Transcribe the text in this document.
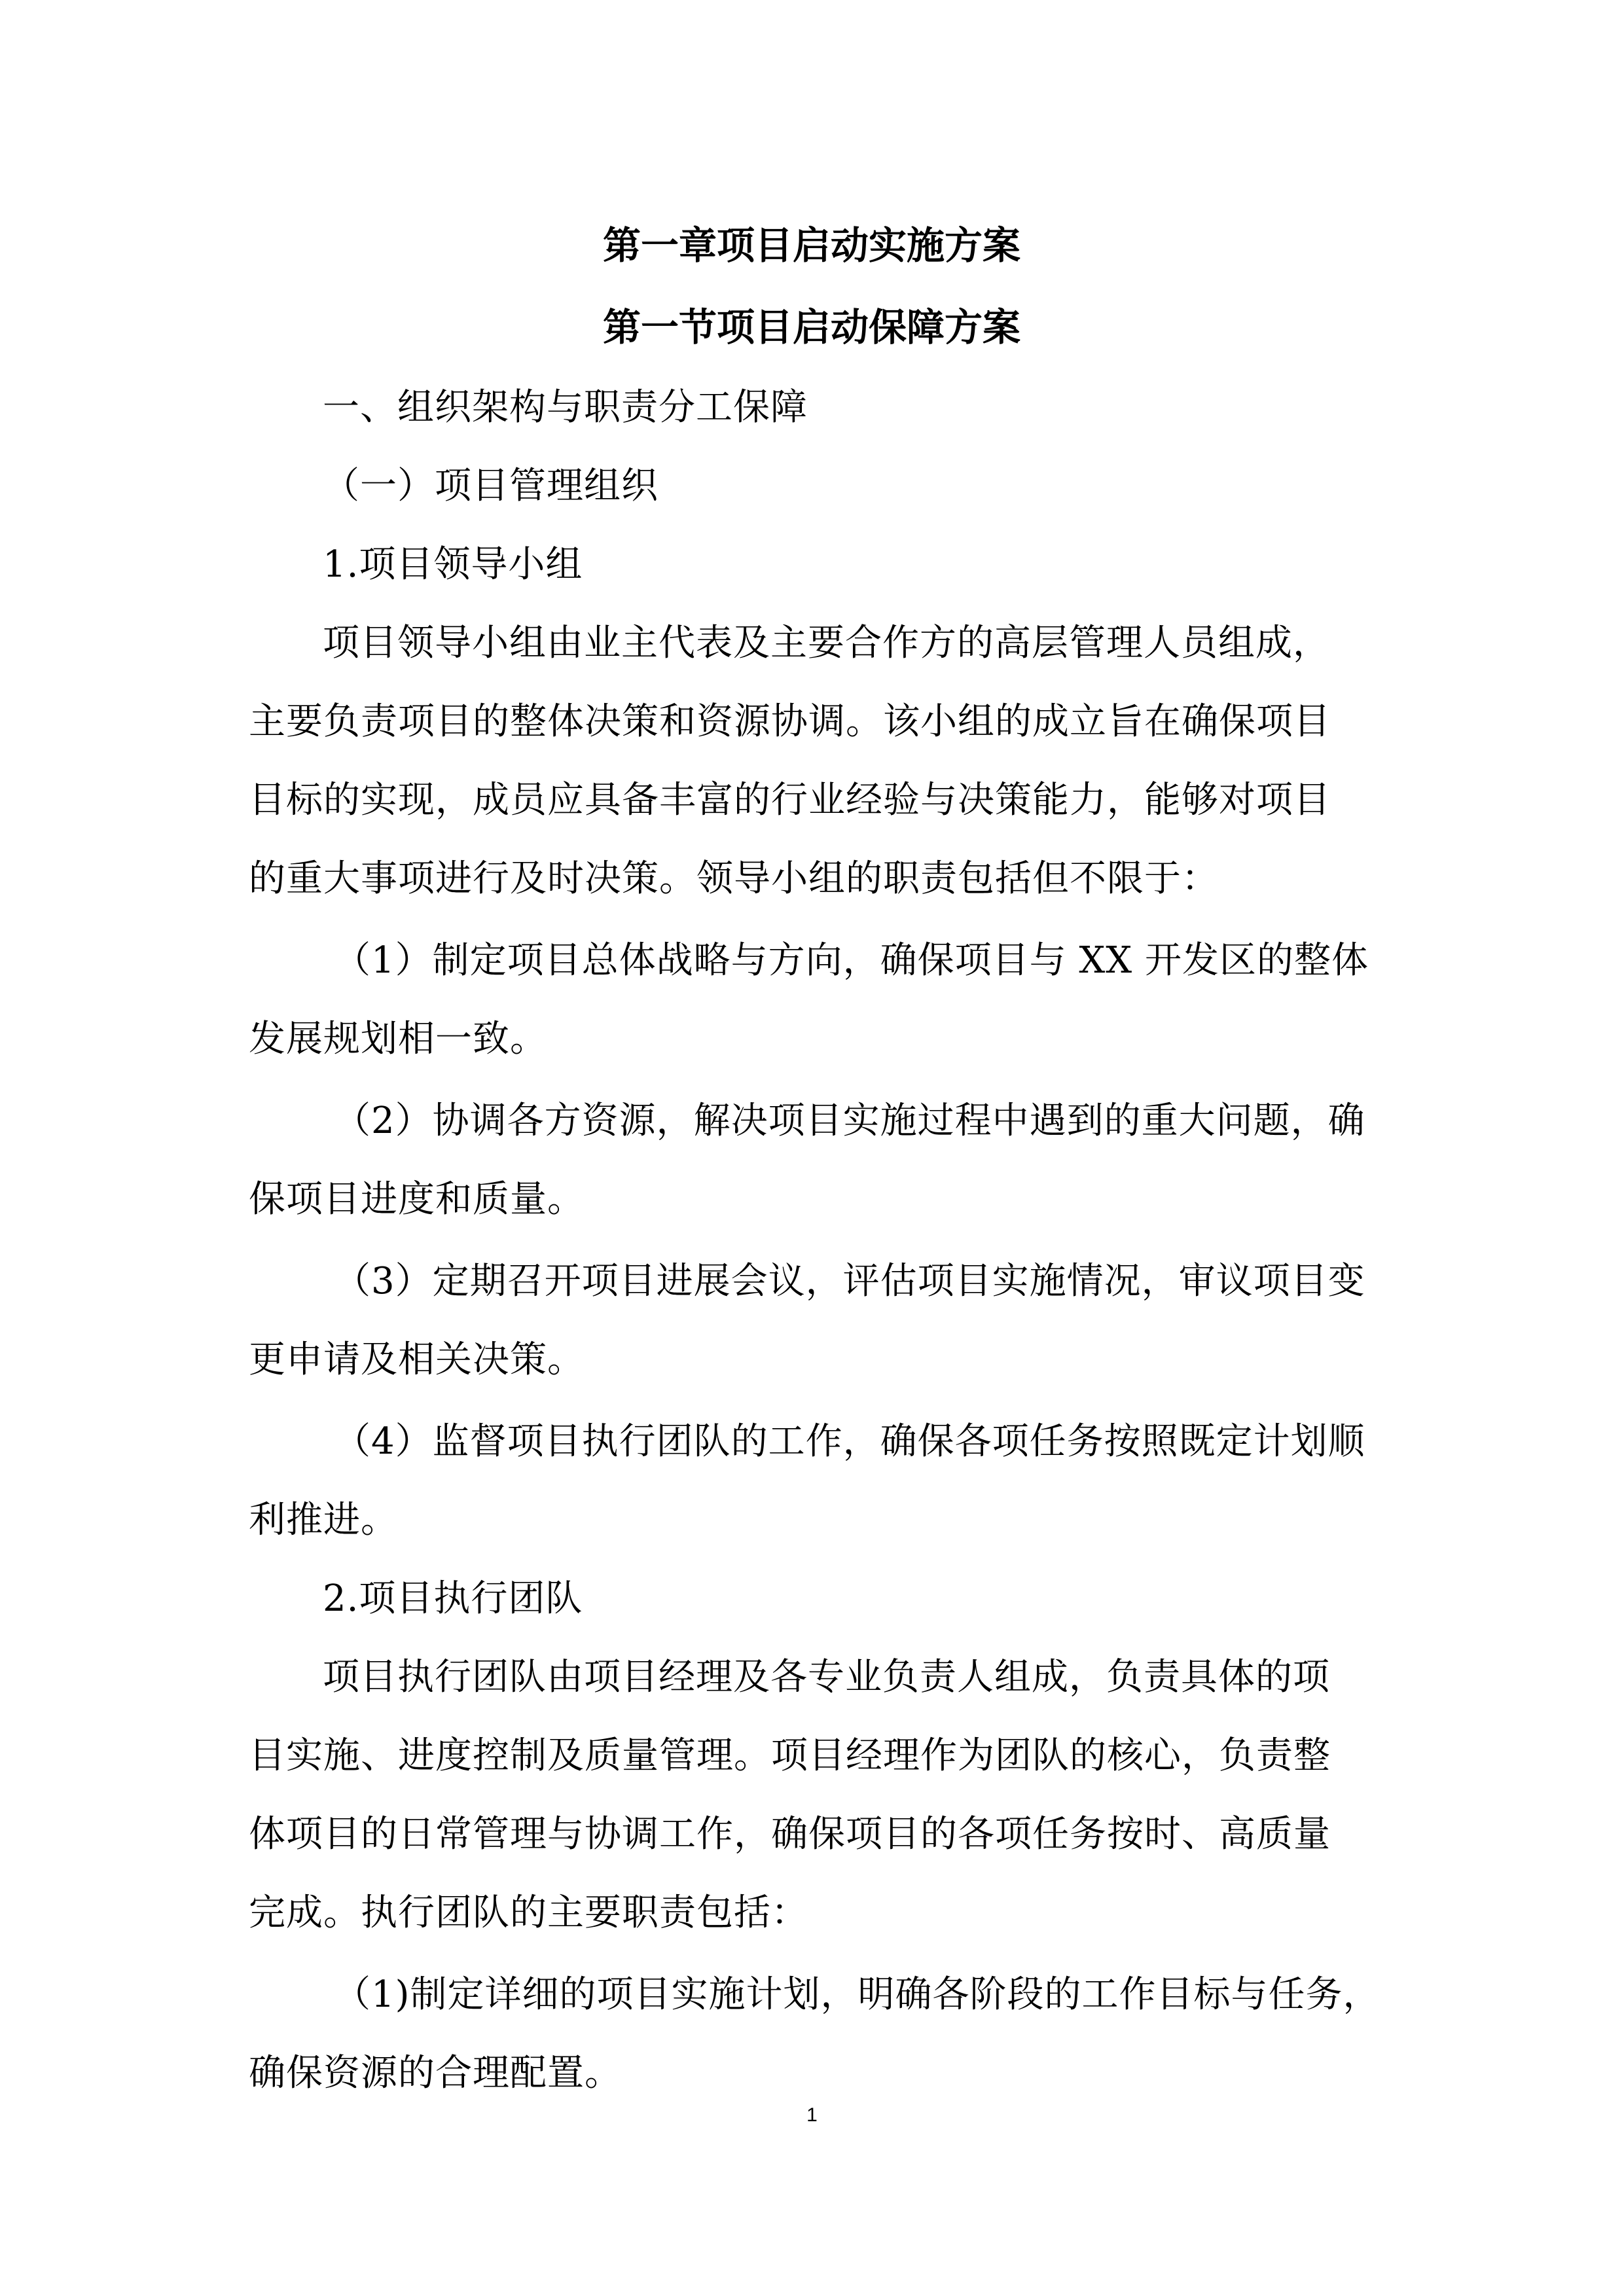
第一章项目启动实施方案
第一节项目启动保障方案
一、组织架构与职责分工保障
（一）项目管理组织
1.项目领导小组
项目领导小组由业主代表及主要合作方的高层管理人员组成，
主要负责项目的整体决策和资源协调。该小组的成立旨在确保项目
目标的实现，成员应具备丰富的行业经验与决策能力，能够对项目
的重大事项进行及时决策。领导小组的职责包括但不限于：
（1）制定项目总体战略与方向，确保项目与 XX 开发区的整体
发展规划相一致。
（2）协调各方资源，解决项目实施过程中遇到的重大问题，确
保项目进度和质量。
（3）定期召开项目进展会议，评估项目实施情况，审议项目变
更申请及相关决策。
（4）监督项目执行团队的工作，确保各项任务按照既定计划顺
利推进。
2.项目执行团队
项目执行团队由项目经理及各专业负责人组成，负责具体的项
目实施、进度控制及质量管理。项目经理作为团队的核心，负责整
体项目的日常管理与协调工作，确保项目的各项任务按时、高质量
完成。执行团队的主要职责包括：
（1)制定详细的项目实施计划，明确各阶段的工作目标与任务，
确保资源的合理配置。
1
